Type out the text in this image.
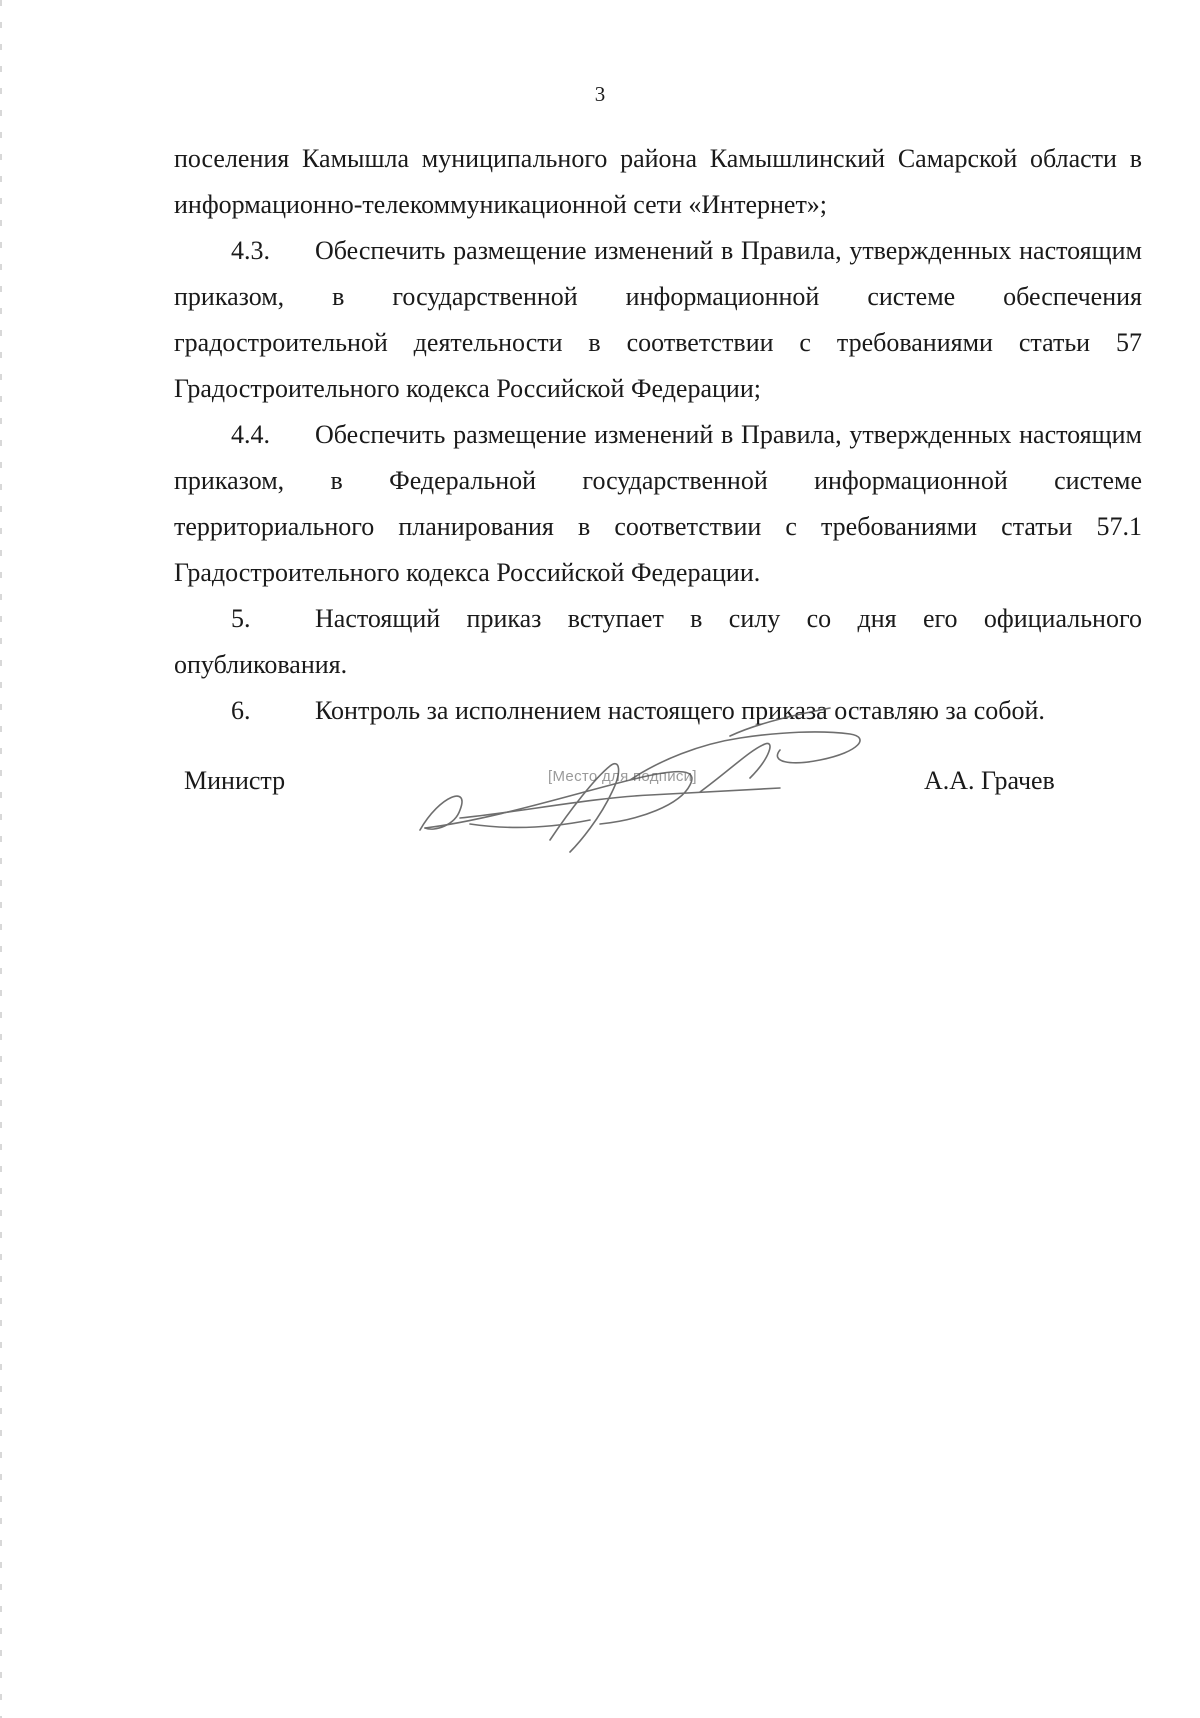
3

поселения Камышла муниципального района Камышлинский Самарской области в информационно-телекоммуникационной сети «Интернет»;

4.3. Обеспечить размещение изменений в Правила, утвержденных настоящим приказом, в государственной информационной системе обеспечения градостроительной деятельности в соответствии с требованиями статьи 57 Градостроительного кодекса Российской Федерации;

4.4. Обеспечить размещение изменений в Правила, утвержденных настоящим приказом, в Федеральной государственной информационной системе территориального планирования в соответствии с требованиями статьи 57.1 Градостроительного кодекса Российской Федерации.

5. Настоящий приказ вступает в силу со дня его официального опубликования.

6. Контроль за исполнением настоящего приказа оставляю за собой.

Министр	[Место для подписи]	А.А. Грачев
